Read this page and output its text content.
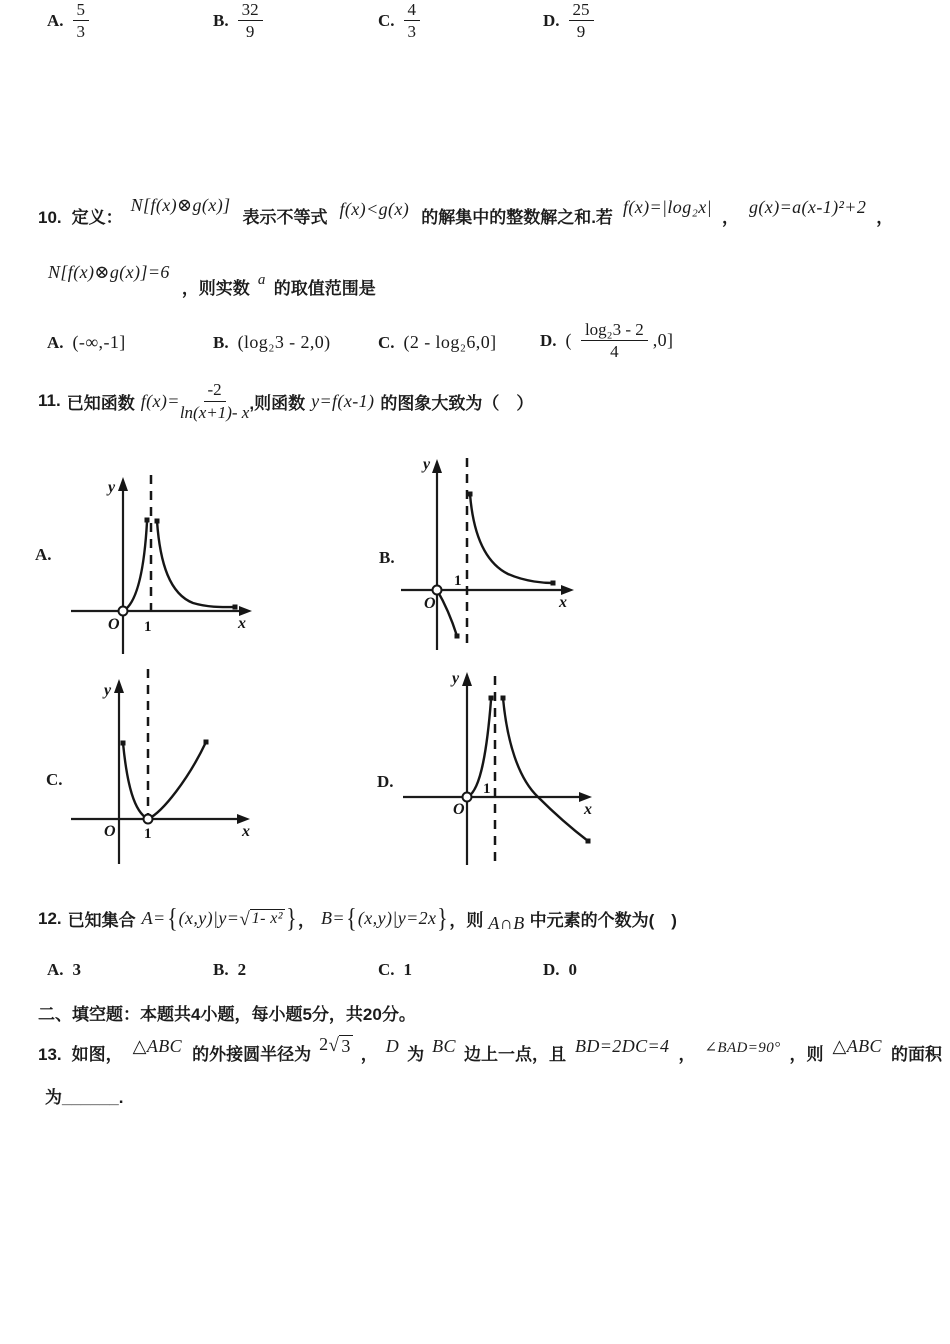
A. $\frac{5}{3}$	B. $\frac{32}{9}$	C. $\frac{4}{3}$	D. $\frac{25}{9}$
10. 定义： N[f(x)⊗g(x)] 表示不等式 f(x)<g(x) 的解集中的整数解之和.若 f(x)=|log₂x| ， g(x)=a(x-1)²+2 ，
N[f(x)⊗g(x)]=6 ，则实数 a 的取值范围是
A. (-∞,-1]	B. (log₂3 - 2,0)	C. (2 - log₂6,0]	D. ( $\frac{\text{log₂3 - 2}}{4} ,0$]
11. 已知函数 $f(x)= \frac{-2}{\ln(x+1)- x}$ ,则函数 y=f(x-1) 的图象大致为（　）
A.	B.
C.	D.
y
x
O 1
y
x
O
1
y
x
O 1
y
x
O
1
12. 已知集合 A= { (x,y)|y= √ 1- x² } ， B= { (x,y)|y=2x } ，则 A∩B 中元素的个数为(　)
A. 3	B. 2	C. 1	D. 0
二、填空题：本题共4小题，每小题5分，共20分。
13. 如图， △ABC 的外接圆半径为 2 √ 3 ， D 为 BC 边上一点，且 BD=2DC=4 ， ∠BAD=90° ，则 △ABC 的面积
为______.
